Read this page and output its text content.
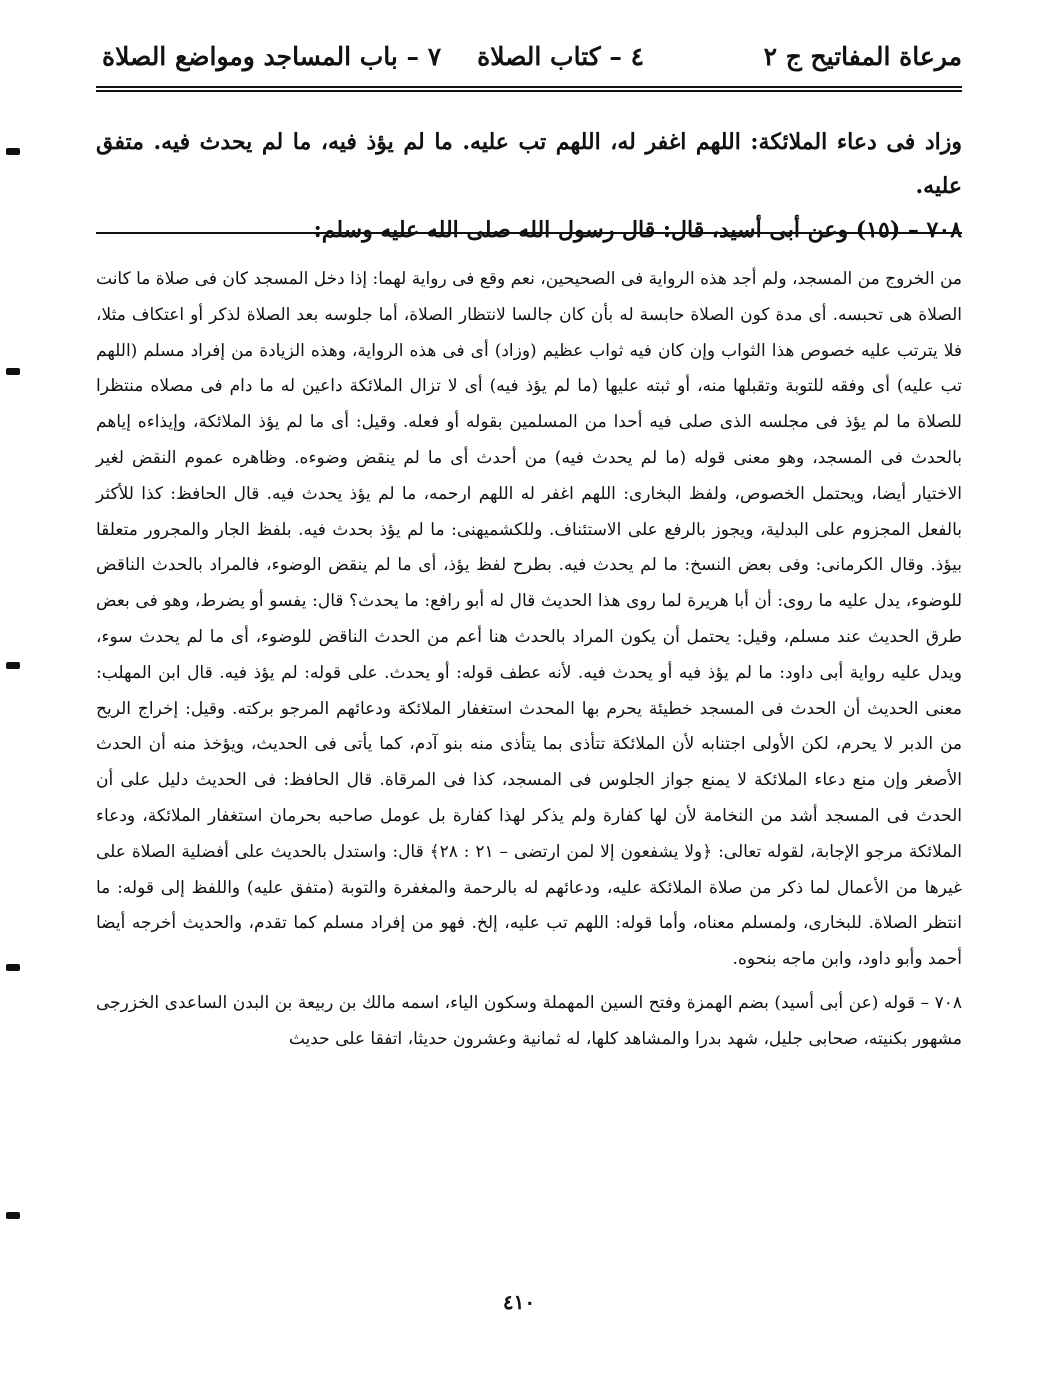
مرعاة المفاتيح ج ٢
٤ – كتاب الصلاة
٧ – باب المساجد ومواضع الصلاة

وزاد فى دعاء الملائكة: اللهم اغفر له، اللهم تب عليه. ما لم يؤذ فيه، ما لم يحدث فيه. متفق عليه.

٧٠٨ – (١٥) وعن أبى أسيد، قال: قال رسول الله صلى الله عليه وسلم:

من الخروج من المسجد، ولم أجد هذه الرواية فى الصحيحين، نعم وقع فى رواية لهما: إذا دخل المسجد كان فى صلاة ما كانت الصلاة هى تحبسه. أى مدة كون الصلاة حابسة له بأن كان جالسا لانتظار الصلاة، أما جلوسه بعد الصلاة لذكر أو اعتكاف مثلا، فلا يترتب عليه خصوص هذا الثواب وإن كان فيه ثواب عظيم (وزاد) أى فى هذه الرواية، وهذه الزيادة من إفراد مسلم (اللهم تب عليه) أى وفقه للتوبة وتقبلها منه، أو ثبته عليها (ما لم يؤذ فيه) أى لا تزال الملائكة داعين له ما دام فى مصلاه منتظرا للصلاة ما لم يؤذ فى مجلسه الذى صلى فيه أحدا من المسلمين بقوله أو فعله. وقيل: أى ما لم يؤذ الملائكة، وإيذاءه إياهم بالحدث فى المسجد، وهو معنى قوله (ما لم يحدث فيه) من أحدث أى ما لم ينقض وضوءه. وظاهره عموم النقض لغير الاختيار أيضا، ويحتمل الخصوص، ولفظ البخارى: اللهم اغفر له اللهم ارحمه، ما لم يؤذ يحدث فيه. قال الحافظ: كذا للأكثر بالفعل المجزوم على البدلية، ويجوز بالرفع على الاستئناف. وللكشميهنى: ما لم يؤذ بحدث فيه. بلفظ الجار والمجرور متعلقا بيؤذ. وقال الكرمانى: وفى بعض النسخ: ما لم يحدث فيه. بطرح لفظ يؤذ، أى ما لم ينقض الوضوء، فالمراد بالحدث الناقض للوضوء، يدل عليه ما روى: أن أبا هريرة لما روى هذا الحديث قال له أبو رافع: ما يحدث؟ قال: يفسو أو يضرط، وهو فى بعض طرق الحديث عند مسلم، وقيل: يحتمل أن يكون المراد بالحدث هنا أعم من الحدث الناقض للوضوء، أى ما لم يحدث سوء، ويدل عليه رواية أبى داود: ما لم يؤذ فيه أو يحدث فيه. لأنه عطف قوله: أو يحدث. على قوله: لم يؤذ فيه. قال ابن المهلب: معنى الحديث أن الحدث فى المسجد خطيئة يحرم بها المحدث استغفار الملائكة ودعائهم المرجو بركته. وقيل: إخراج الريح من الدبر لا يحرم، لكن الأولى اجتنابه لأن الملائكة تتأذى بما يتأذى منه بنو آدم، كما يأتى فى الحديث، ويؤخذ منه أن الحدث الأصغر وإن منع دعاء الملائكة لا يمنع جواز الجلوس فى المسجد، كذا فى المرقاة. قال الحافظ: فى الحديث دليل على أن الحدث فى المسجد أشد من النخامة لأن لها كفارة ولم يذكر لهذا كفارة بل عومل صاحبه بحرمان استغفار الملائكة، ودعاء الملائكة مرجو الإجابة، لقوله تعالى: ﴿ولا يشفعون إلا لمن ارتضى – ٢١ : ٢٨﴾ قال: واستدل بالحديث على أفضلية الصلاة على غيرها من الأعمال لما ذكر من صلاة الملائكة عليه، ودعائهم له بالرحمة والمغفرة والتوبة (متفق عليه) واللفظ إلى قوله: ما انتظر الصلاة. للبخارى، ولمسلم معناه، وأما قوله: اللهم تب عليه، إلخ. فهو من إفراد مسلم كما تقدم، والحديث أخرجه أيضا أحمد وأبو داود، وابن ماجه بنحوه.

٧٠٨ – قوله (عن أبى أسيد) بضم الهمزة وفتح السين المهملة وسكون الياء، اسمه مالك بن ربيعة بن البدن الساعدى الخزرجى مشهور بكنيته، صحابى جليل، شهد بدرا والمشاهد كلها، له ثمانية وعشرون حديثا، اتفقا على حديث

٤١٠
